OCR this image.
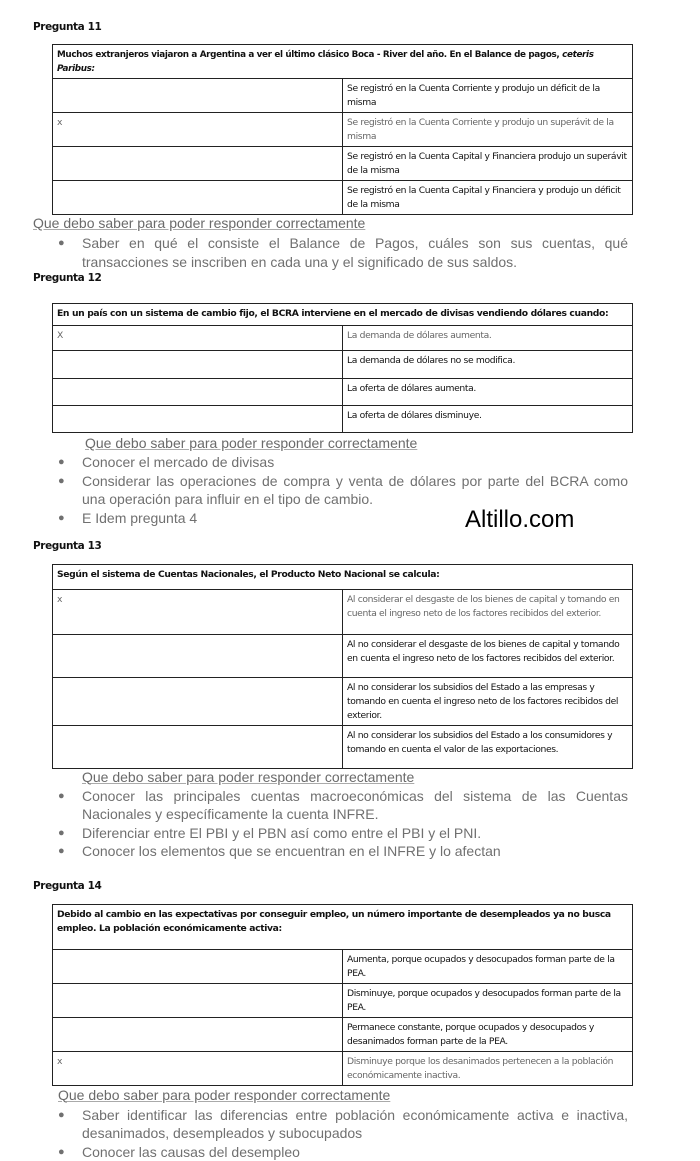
Pregunta 11
Muchos extranjeros viajaron a Argentina a ver el último clásico Boca - River del año. En el Balance de pagos, ceteris Paribus:	
	Se registró en la Cuenta Corriente y produjo un déficit de la misma
x	Se registró en la Cuenta Corriente y produjo un superávit de la misma
	Se registró en la Cuenta Capital y Financiera produjo un superávit de la misma
	Se registró en la Cuenta Capital y Financiera y produjo un déficit de la misma
Que debo saber para poder responder correctamente
● Saber en qué el consiste el Balance de Pagos, cuáles son sus cuentas, qué transacciones se inscriben en cada una y el significado de sus saldos.
Pregunta 12
En un país con un sistema de cambio fijo, el BCRA interviene en el mercado de divisas vendiendo dólares cuando:	
X	La demanda de dólares aumenta.
	La demanda de dólares no se modifica.
	La oferta de dólares aumenta.
	La oferta de dólares disminuye.
Que debo saber para poder responder correctamente
● Conocer el mercado de divisas
● Considerar las operaciones de compra y venta de dólares por parte del BCRA como una operación para influir en el tipo de cambio.
● E Idem pregunta 4	Altillo.com
Pregunta 13
Según el sistema de Cuentas Nacionales, el Producto Neto Nacional se calcula:	
x	Al considerar el desgaste de los bienes de capital y tomando en cuenta el ingreso neto de los factores recibidos del exterior.
	Al no considerar el desgaste de los bienes de capital y tomando en cuenta el ingreso neto de los factores recibidos del exterior.
	Al no considerar los subsidios del Estado a las empresas y tomando en cuenta el ingreso neto de los factores recibidos del exterior.
	Al no considerar los subsidios del Estado a los consumidores y tomando en cuenta el valor de las exportaciones.
Que debo saber para poder responder correctamente
● Conocer las principales cuentas macroeconómicas del sistema de las Cuentas Nacionales y específicamente la cuenta INFRE.
● Diferenciar entre El PBI y el PBN así como entre el PBI y el PNI.
● Conocer los elementos que se encuentran en el INFRE y lo afectan
Pregunta 14
Debido al cambio en las expectativas por conseguir empleo, un número importante de desempleados ya no busca empleo. La población económicamente activa:	
	Aumenta, porque ocupados y desocupados forman parte de la PEA.
	Disminuye, porque ocupados y desocupados forman parte de la PEA.
	Permanece constante, porque ocupados y desocupados y desanimados forman parte de la PEA.
x	Disminuye porque los desanimados pertenecen a la población económicamente inactiva.
Que debo saber para poder responder correctamente
● Saber identificar las diferencias entre población económicamente activa e inactiva, desanimados, desempleados y subocupados
● Conocer las causas del desempleo
